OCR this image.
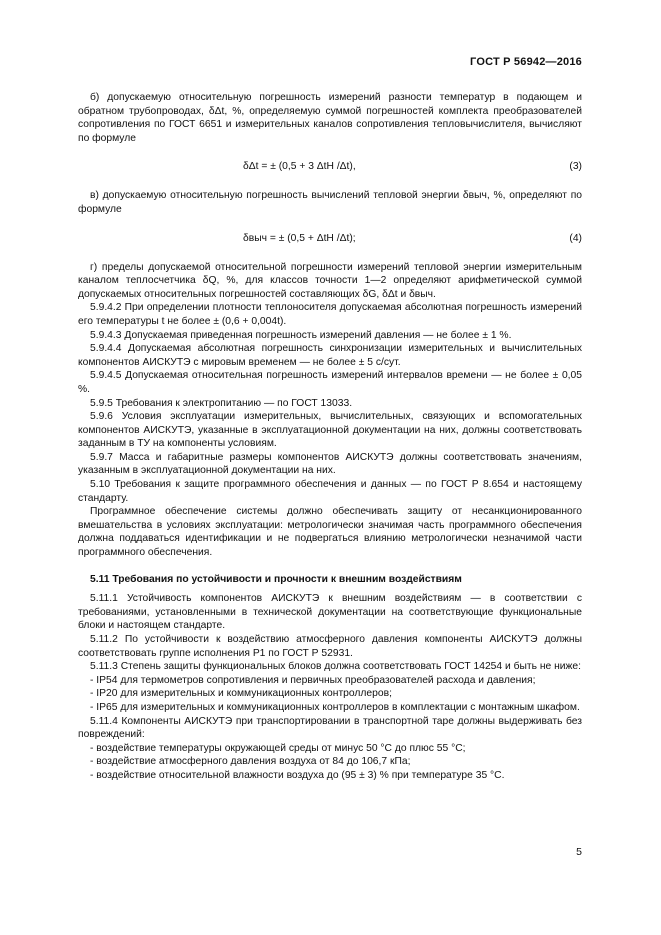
ГОСТ Р 56942—2016

б) допускаемую относительную погрешность измерений разности температур в подающем и обратном трубопроводах, δΔt, %, определяемую суммой погрешностей комплекта преобразователей сопротивления по ГОСТ 6651 и измерительных каналов сопротивления тепловычислителя, вычисляют по формуле

δΔt = ± (0,5 + 3 ΔtН /Δt),	(3)

в) допускаемую относительную погрешность вычислений тепловой энергии δвыч, %, определяют по формуле

δвыч = ± (0,5 + ΔtН /Δt);	(4)

г) пределы допускаемой относительной погрешности измерений тепловой энергии измерительным каналом теплосчетчика δQ, %, для классов точности 1—2 определяют арифметической суммой допускаемых относительных погрешностей составляющих δG, δΔt и δвыч.

5.9.4.2 При определении плотности теплоносителя допускаемая абсолютная погрешность измерений его температуры t не более ± (0,6 + 0,004t).

5.9.4.3 Допускаемая приведенная погрешность измерений давления — не более ± 1 %.

5.9.4.4 Допускаемая абсолютная погрешность синхронизации измерительных и вычислительных компонентов АИСКУТЭ с мировым временем — не более ± 5 с/сут.

5.9.4.5 Допускаемая относительная погрешность измерений интервалов времени — не более ± 0,05 %.

5.9.5 Требования к электропитанию — по ГОСТ 13033.

5.9.6 Условия эксплуатации измерительных, вычислительных, связующих и вспомогательных компонентов АИСКУТЭ, указанные в эксплуатационной документации на них, должны соответствовать заданным в ТУ на компоненты условиям.

5.9.7 Масса и габаритные размеры компонентов АИСКУТЭ должны соответствовать значениям, указанным в эксплуатационной документации на них.

5.10 Требования к защите программного обеспечения и данных — по ГОСТ Р 8.654 и настоящему стандарту.

Программное обеспечение системы должно обеспечивать защиту от несанкционированного вмешательства в условиях эксплуатации: метрологически значимая часть программного обеспечения должна поддаваться идентификации и не подвергаться влиянию метрологически незначимой части программного обеспечения.

5.11 Требования по устойчивости и прочности к внешним воздействиям

5.11.1 Устойчивость компонентов АИСКУТЭ к внешним воздействиям — в соответствии с требованиями, установленными в технической документации на соответствующие функциональные блоки и настоящем стандарте.

5.11.2 По устойчивости к воздействию атмосферного давления компоненты АИСКУТЭ должны соответствовать группе исполнения Р1 по ГОСТ Р 52931.

5.11.3 Степень защиты функциональных блоков должна соответствовать ГОСТ 14254 и быть не ниже:

- IP54 для термометров сопротивления и первичных преобразователей расхода и давления;

- IP20 для измерительных и коммуникационных контроллеров;

- IP65 для измерительных и коммуникационных контроллеров в комплектации с монтажным шкафом.

5.11.4 Компоненты АИСКУТЭ при транспортировании в транспортной таре должны выдерживать без повреждений:

- воздействие температуры окружающей среды от минус 50 °С до плюс 55 °С;

- воздействие атмосферного давления воздуха от 84 до 106,7 кПа;

- воздействие относительной влажности воздуха до (95 ± 3) % при температуре 35 °С.

5
